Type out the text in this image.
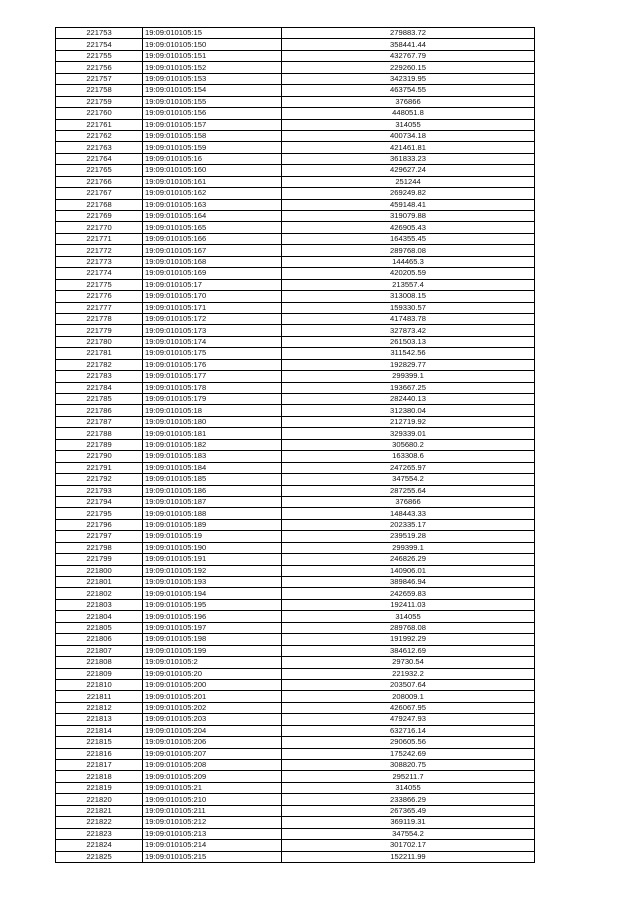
221753	19:09:010105:15	279883.72
221754	19:09:010105:150	358441.44
221755	19:09:010105:151	432767.79
221756	19:09:010105:152	229260.15
221757	19:09:010105:153	342319.95
221758	19:09:010105:154	463754.55
221759	19:09:010105:155	376866
221760	19:09:010105:156	448051.8
221761	19:09:010105:157	314055
221762	19:09:010105:158	400734.18
221763	19:09:010105:159	421461.81
221764	19:09:010105:16	361833.23
221765	19:09:010105:160	429627.24
221766	19:09:010105:161	251244
221767	19:09:010105:162	269249.82
221768	19:09:010105:163	459148.41
221769	19:09:010105:164	319079.88
221770	19:09:010105:165	426905.43
221771	19:09:010105:166	164355.45
221772	19:09:010105:167	289768.08
221773	19:09:010105:168	144465.3
221774	19:09:010105:169	420205.59
221775	19:09:010105:17	213557.4
221776	19:09:010105:170	313008.15
221777	19:09:010105:171	159330.57
221778	19:09:010105:172	417483.78
221779	19:09:010105:173	327873.42
221780	19:09:010105:174	261503.13
221781	19:09:010105:175	311542.56
221782	19:09:010105:176	192829.77
221783	19:09:010105:177	299399.1
221784	19:09:010105:178	193667.25
221785	19:09:010105:179	282440.13
221786	19:09:010105:18	312380.04
221787	19:09:010105:180	212719.92
221788	19:09:010105:181	329339.01
221789	19:09:010105:182	305680.2
221790	19:09:010105:183	163308.6
221791	19:09:010105:184	247265.97
221792	19:09:010105:185	347554.2
221793	19:09:010105:186	287255.64
221794	19:09:010105:187	376866
221795	19:09:010105:188	148443.33
221796	19:09:010105:189	202335.17
221797	19:09:010105:19	239519.28
221798	19:09:010105:190	299399.1
221799	19:09:010105:191	246826.29
221800	19:09:010105:192	140906.01
221801	19:09:010105:193	389846.94
221802	19:09:010105:194	242659.83
221803	19:09:010105:195	192411.03
221804	19:09:010105:196	314055
221805	19:09:010105:197	289768.08
221806	19:09:010105:198	191992.29
221807	19:09:010105:199	384612.69
221808	19:09:010105:2	29730.54
221809	19:09:010105:20	221932.2
221810	19:09:010105:200	203507.64
221811	19:09:010105:201	208009.1
221812	19:09:010105:202	426067.95
221813	19:09:010105:203	479247.93
221814	19:09:010105:204	632716.14
221815	19:09:010105:206	290605.56
221816	19:09:010105:207	175242.69
221817	19:09:010105:208	308820.75
221818	19:09:010105:209	295211.7
221819	19:09:010105:21	314055
221820	19:09:010105:210	233866.29
221821	19:09:010105:211	267365.49
221822	19:09:010105:212	369119.31
221823	19:09:010105:213	347554.2
221824	19:09:010105:214	301702.17
221825	19:09:010105:215	152211.99
